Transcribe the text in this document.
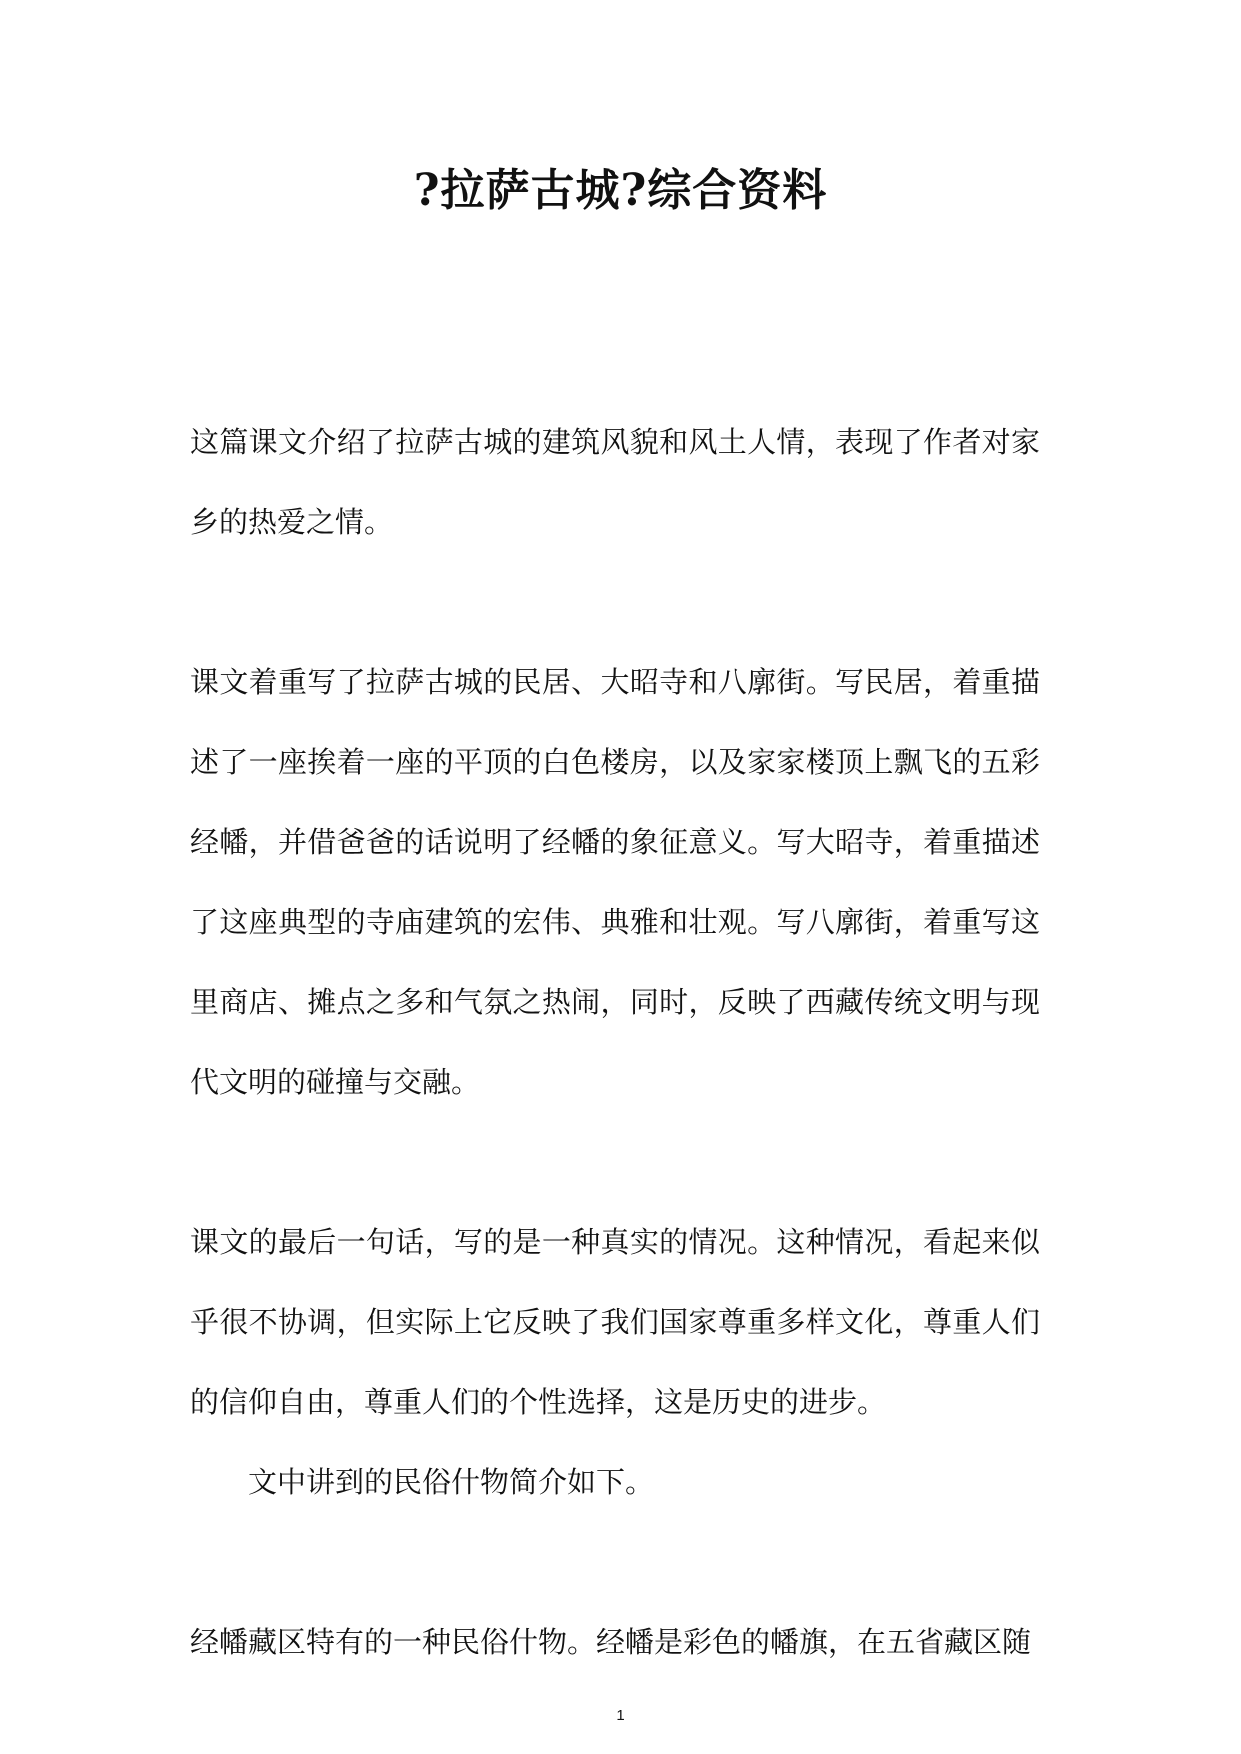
?拉萨古城?综合资料

这篇课文介绍了拉萨古城的建筑风貌和风土人情，表现了作者对家乡的热爱之情。

课文着重写了拉萨古城的民居、大昭寺和八廓街。写民居，着重描述了一座挨着一座的平顶的白色楼房，以及家家楼顶上飘飞的五彩经幡，并借爸爸的话说明了经幡的象征意义。写大昭寺，着重描述了这座典型的寺庙建筑的宏伟、典雅和壮观。写八廓街，着重写这里商店、摊点之多和气氛之热闹，同时，反映了西藏传统文明与现代文明的碰撞与交融。

课文的最后一句话，写的是一种真实的情况。这种情况，看起来似乎很不协调，但实际上它反映了我们国家尊重多样文化，尊重人们的信仰自由，尊重人们的个性选择，这是历史的进步。

文中讲到的民俗什物简介如下。

经幡藏区特有的一种民俗什物。经幡是彩色的幡旗，在五省藏区随

1
